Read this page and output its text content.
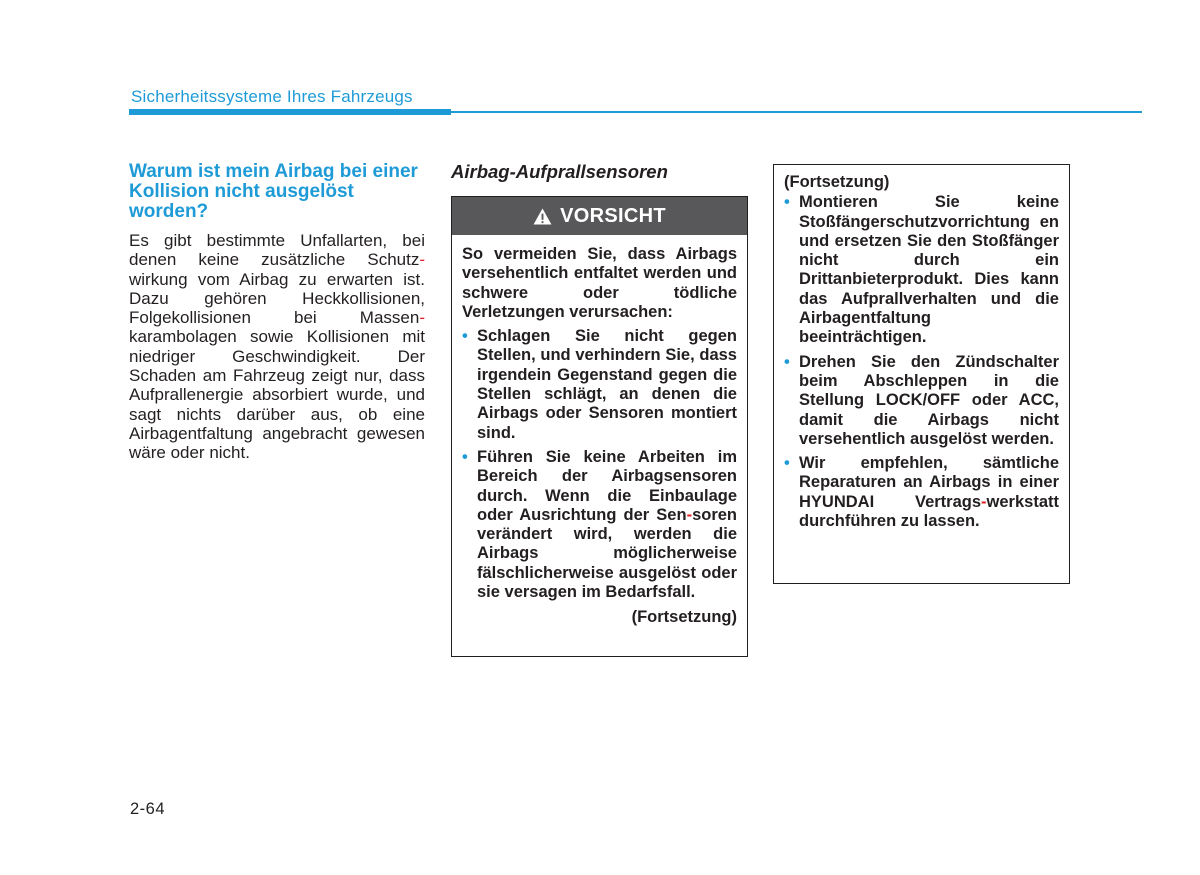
Sicherheitssysteme Ihres Fahrzeugs
Warum ist mein Airbag bei einer Kollision nicht ausgelöst worden?

Es gibt bestimmte Unfallarten, bei denen keine zusätzliche Schutz-wirkung vom Airbag zu erwarten ist. Dazu gehören Heckkollisionen, Folgekollisionen bei Massen-karambolagen sowie Kollisionen mit niedriger Geschwindigkeit. Der Schaden am Fahrzeug zeigt nur, dass Aufprallenergie absorbiert wurde, und sagt nichts darüber aus, ob eine Airbagentfaltung angebracht gewesen wäre oder nicht.

Airbag-Aufprallsensoren
VORSICHT
So vermeiden Sie, dass Airbags versehentlich entfaltet werden und schwere oder tödliche Verletzungen verursachen:
• Schlagen Sie nicht gegen Stellen, und verhindern Sie, dass irgendein Gegenstand gegen die Stellen schlägt, an denen die Airbags oder Sensoren montiert sind.
• Führen Sie keine Arbeiten im Bereich der Airbagsensoren durch. Wenn die Einbaulage oder Ausrichtung der Sen-soren verändert wird, werden die Airbags möglicherweise fälschlicherweise ausgelöst oder sie versagen im Bedarfsfall.
(Fortsetzung)
(Fortsetzung)
• Montieren Sie keine Stoßfängerschutzvorrichtung en und ersetzen Sie den Stoßfänger nicht durch ein Drittanbieterprodukt. Dies kann das Aufprallverhalten und die Airbagentfaltung beeinträchtigen.
• Drehen Sie den Zündschalter beim Abschleppen in die Stellung LOCK/OFF oder ACC, damit die Airbags nicht versehentlich ausgelöst werden.
• Wir empfehlen, sämtliche Reparaturen an Airbags in einer HYUNDAI Vertrags-werkstatt durchführen zu lassen.
2-64
